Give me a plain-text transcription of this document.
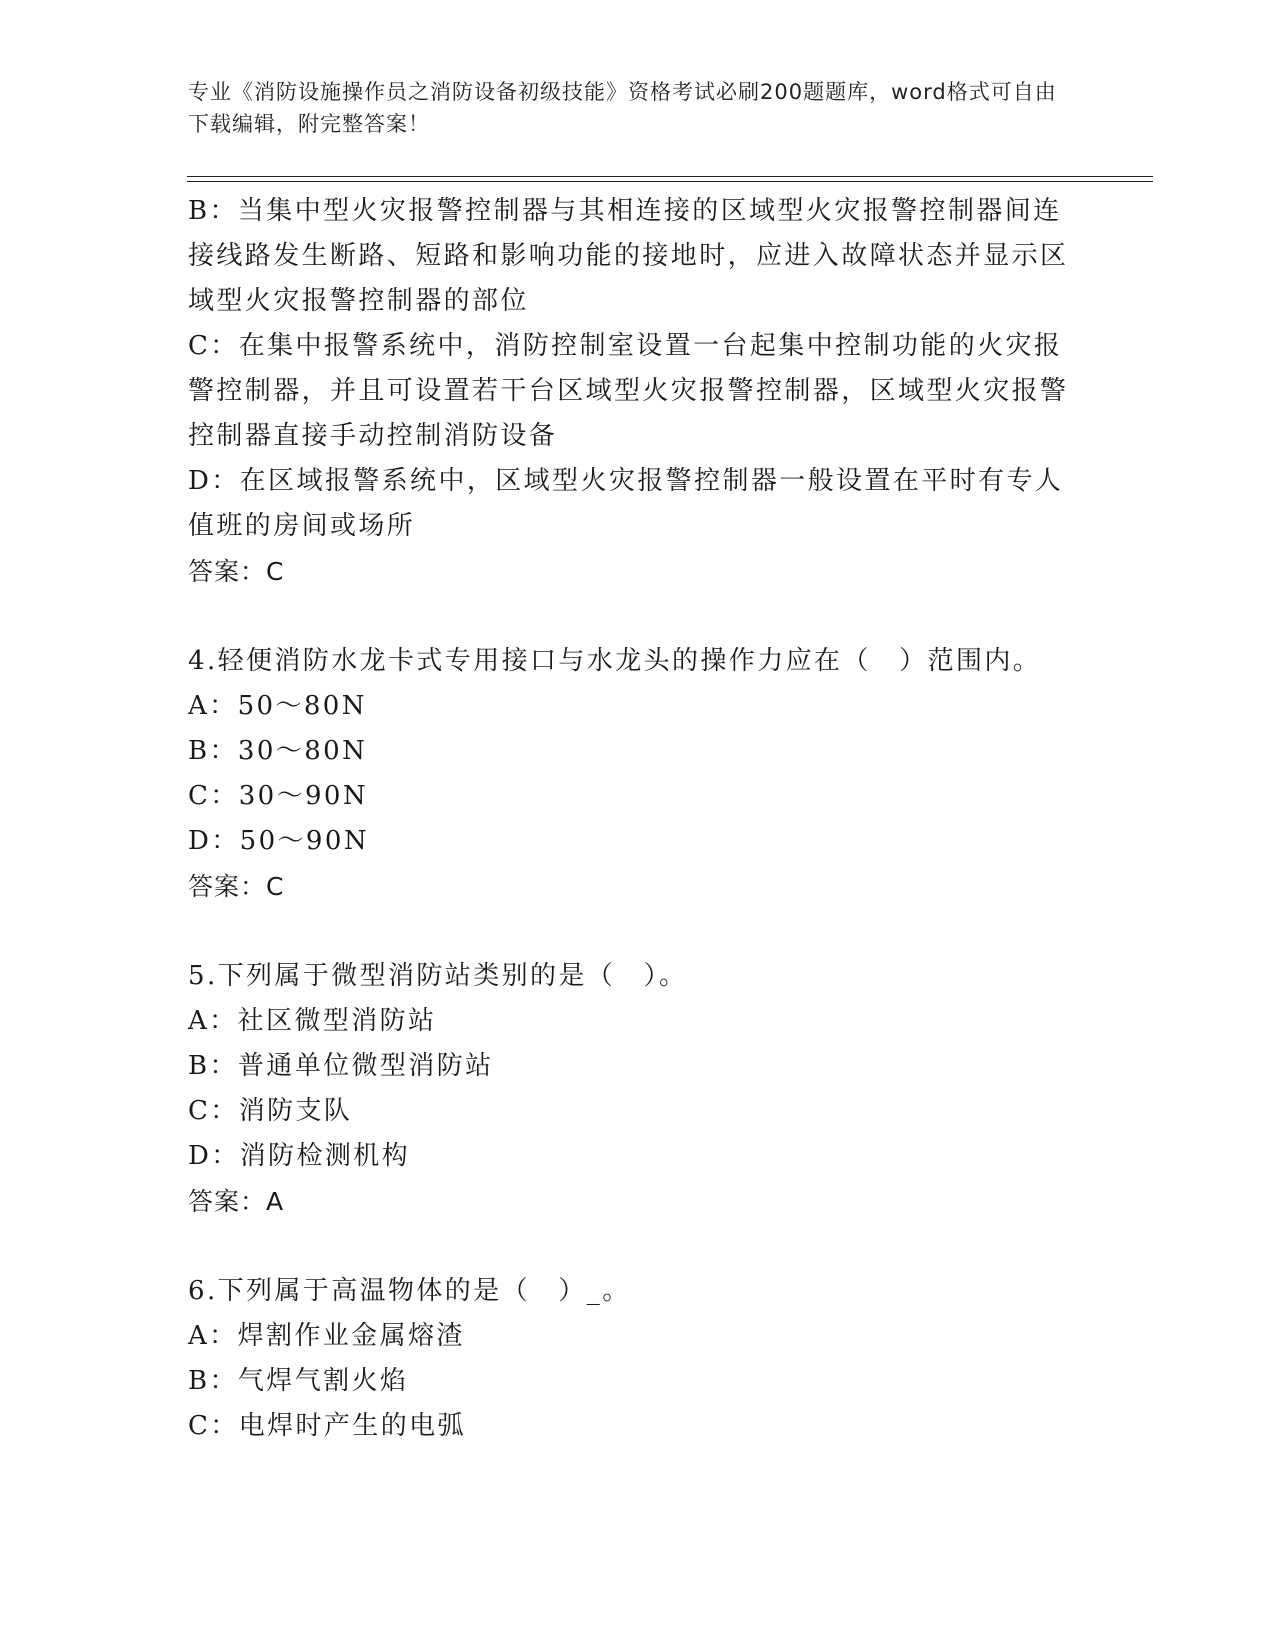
专业《消防设施操作员之消防设备初级技能》资格考试必刷200题题库，word格式可自由下载编辑，附完整答案！
B：当集中型火灾报警控制器与其相连接的区域型火灾报警控制器间连接线路发生断路、短路和影响功能的接地时，应进入故障状态并显示区域型火灾报警控制器的部位
C：在集中报警系统中，消防控制室设置一台起集中控制功能的火灾报警控制器，并且可设置若干台区域型火灾报警控制器，区域型火灾报警控制器直接手动控制消防设备
D：在区域报警系统中，区域型火灾报警控制器一般设置在平时有专人值班的房间或场所
答案：C
4.轻便消防水龙卡式专用接口与水龙头的操作力应在（　）范围内。
A：50～80N
B：30～80N
C：30～90N
D：50～90N
答案：C
5.下列属于微型消防站类别的是（　）。
A：社区微型消防站
B：普通单位微型消防站
C：消防支队
D：消防检测机构
答案：A
6.下列属于高温物体的是（　）_。
A：焊割作业金属熔渣
B：气焊气割火焰
C：电焊时产生的电弧
